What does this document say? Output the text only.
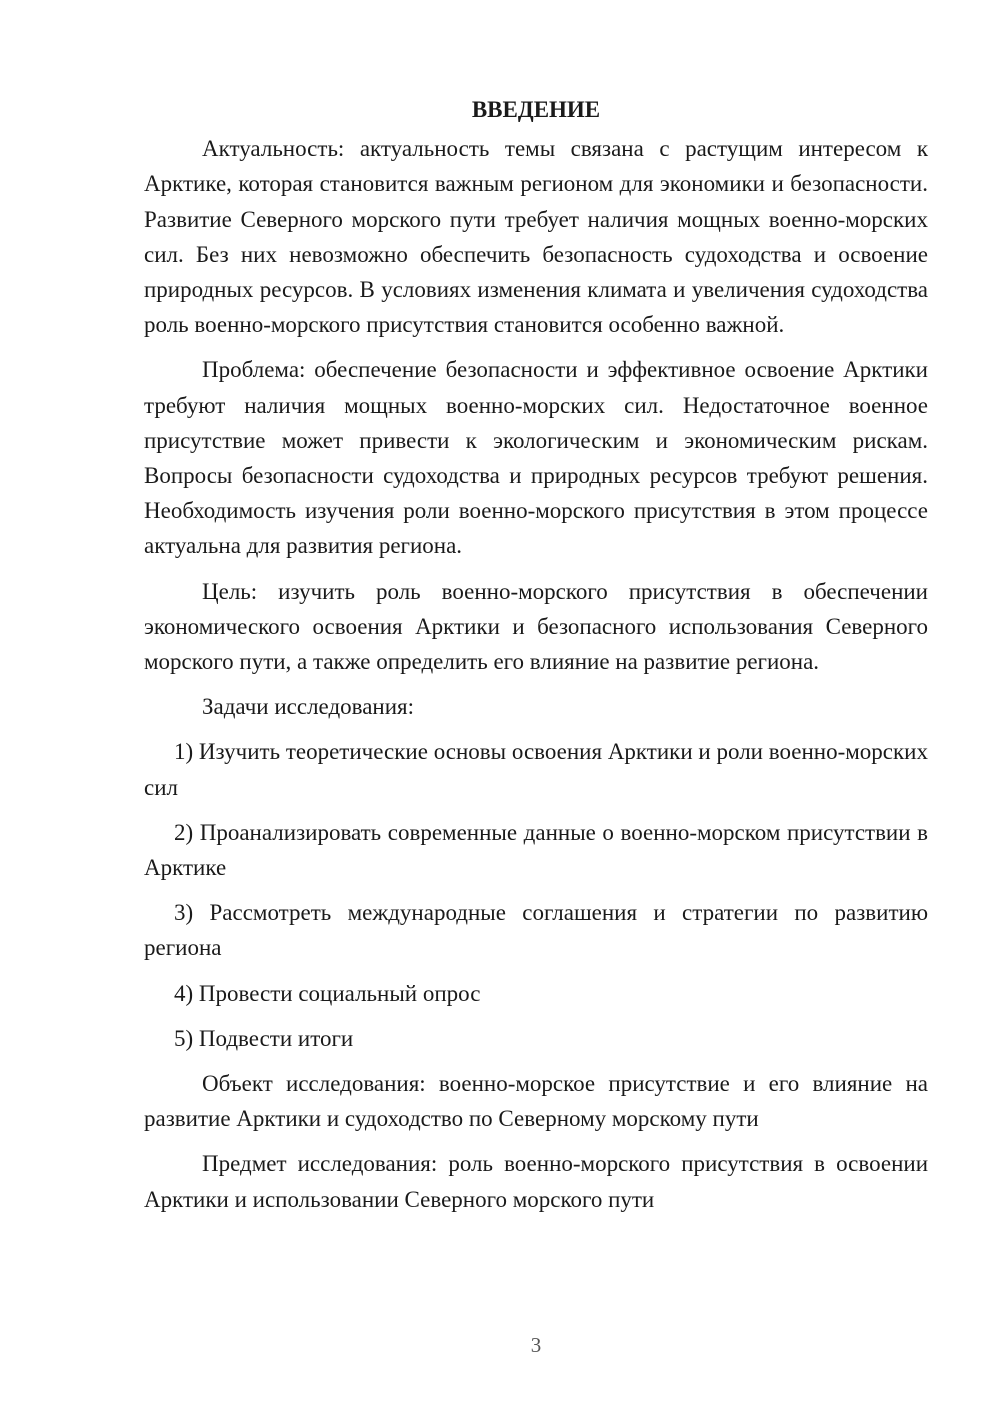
ВВЕДЕНИЕ

Актуальность: актуальность темы связана с растущим интересом к Арктике, которая становится важным регионом для экономики и безопасности. Развитие Северного морского пути требует наличия мощных военно-морских сил. Без них невозможно обеспечить безопасность судоходства и освоение природных ресурсов. В условиях изменения климата и увеличения судоходства роль военно-морского присутствия становится особенно важной.

Проблема: обеспечение безопасности и эффективное освоение Арктики требуют наличия мощных военно-морских сил. Недостаточное военное присутствие может привести к экологическим и экономическим рискам. Вопросы безопасности судоходства и природных ресурсов требуют решения. Необходимость изучения роли военно-морского присутствия в этом процессе актуальна для развития региона.

Цель: изучить роль военно-морского присутствия в обеспечении экономического освоения Арктики и безопасного использования Северного морского пути, а также определить его влияние на развитие региона.

Задачи исследования:

1) Изучить теоретические основы освоения Арктики и роли военно-морских сил

2) Проанализировать современные данные о военно-морском присутствии в Арктике

3) Рассмотреть международные соглашения и стратегии по развитию региона

4) Провести социальный опрос

5) Подвести итоги

Объект исследования: военно-морское присутствие и его влияние на развитие Арктики и судоходство по Северному морскому пути

Предмет исследования: роль военно-морского присутствия в освоении Арктики и использовании Северного морского пути

3
